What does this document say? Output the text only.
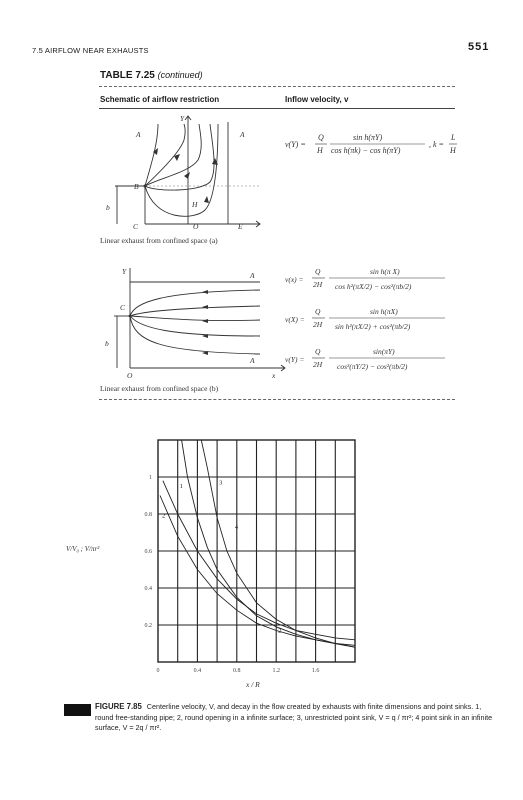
7.5 AIRFLOW NEAR EXHAUSTS	551
TABLE 7.25 (continued)
Schematic of airflow restriction	Inflow velocity, v
Y
A	A
B
H
b
C	O	E
Linear exhaust from confined space (a)
v(Y) =
Q
H
sin h(πY)
cos h(πk) − cos h(πY)
, k =
L
H
Y	A
A
C
b
O	x
Linear exhaust from confined space (b)
v(x) =
Q
2H
sin h(π X)
cos h²(πX/2) − cos²(πb/2)
v(X) =
Q
2H
sin h(πX)
sin h²(πX/2) + cos²(πb/2)
v(Y) =
Q
2H
sin(πY)
cos²(πY/2) − cos²(πb/2)
0	0.4	0.8	1.2	1.6
0.2
0.4
0.6
0.8
1
1
2
3
4
2
V/V₀ ; V/πr²
x / R
FIGURE 7.85 Centerline velocity, V, and decay in the flow created by exhausts with finite dimensions and point sinks. 1, round free-standing pipe; 2, round opening in a infinite surface; 3, unrestricted point sink, V = q / πr²; 4 point sink in an infinite surface, V = 2q / πr².
